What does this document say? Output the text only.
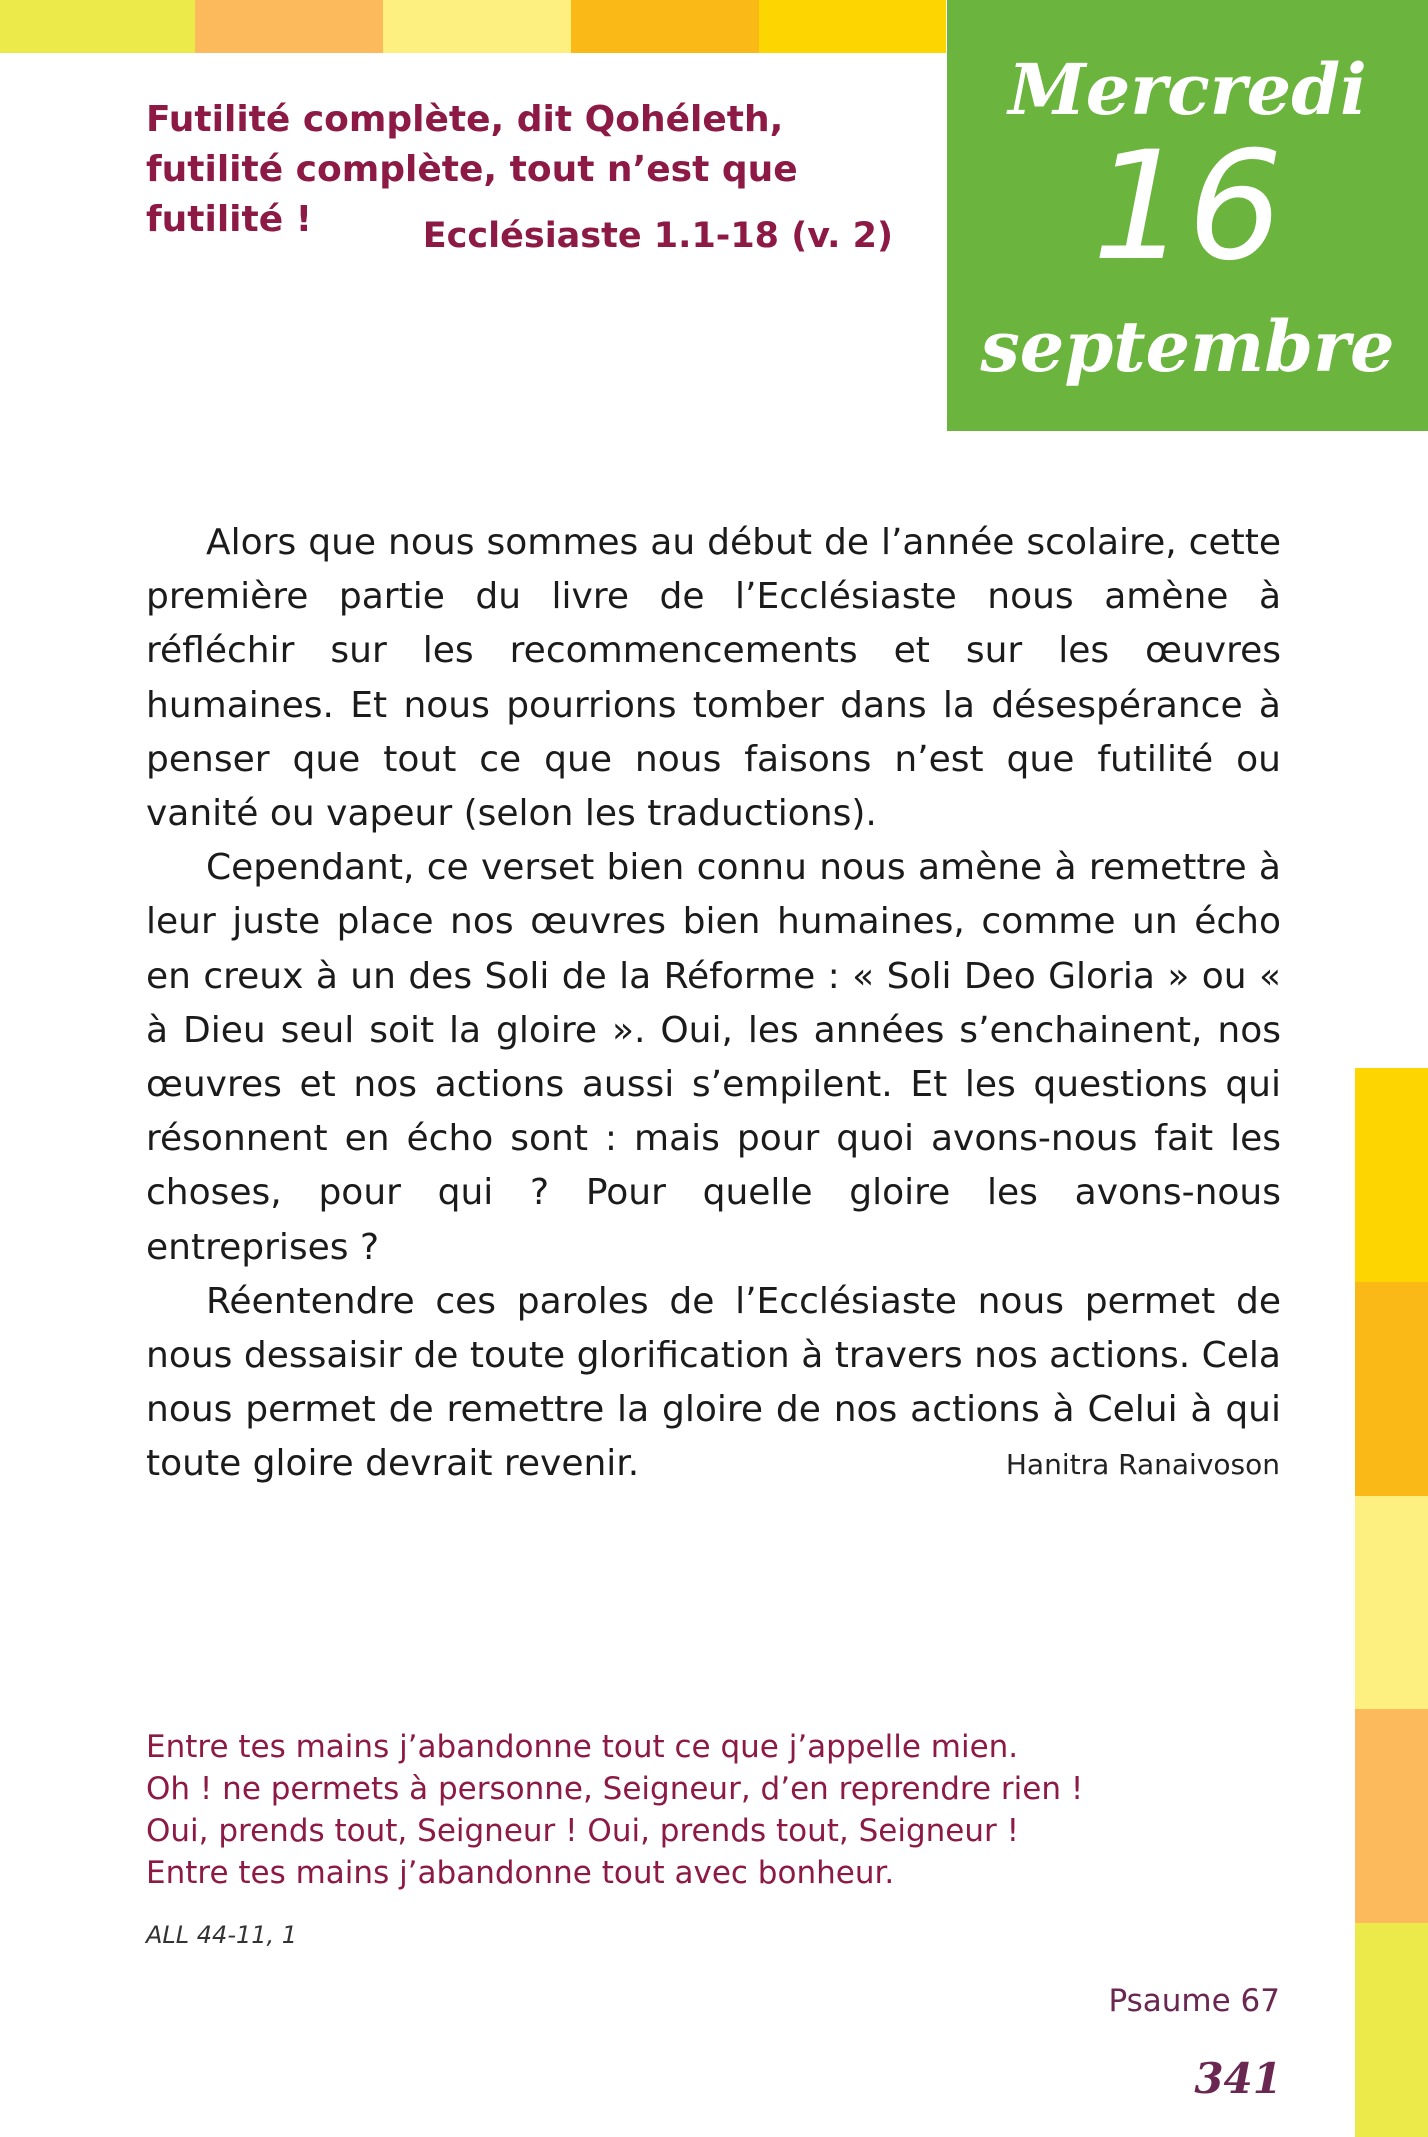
Mercredi
16
septembre
Futilité complète, dit Qohéleth,
futilité complète, tout n’est que futilité !	Ecclésiaste 1.1-18 (v. 2)

Alors que nous sommes au début de l’année scolaire, cette première partie du livre de l’Ecclésiaste nous amène à réfléchir sur les recommencements et sur les œuvres humaines. Et nous pourrions tomber dans la désespérance à penser que tout ce que nous faisons n’est que futilité ou vanité ou vapeur (selon les traductions).

Cependant, ce verset bien connu nous amène à remettre à leur juste place nos œuvres bien humaines, comme un écho en creux à un des Soli de la Réforme : « Soli Deo Gloria » ou « à Dieu seul soit la gloire ». Oui, les années s’enchainent, nos œuvres et nos actions aussi s’empilent. Et les questions qui résonnent en écho sont : mais pour quoi avons-nous fait les choses, pour qui ? Pour quelle gloire les avons-nous entreprises ?

Réentendre ces paroles de l’Ecclésiaste nous permet de nous dessaisir de toute glorification à travers nos actions. Cela nous permet de remettre la gloire de nos actions à Celui à qui toute gloire devrait revenir.	Hanitra Ranaivoson
Entre tes mains j’abandonne tout ce que j’appelle mien.
Oh ! ne permets à personne, Seigneur, d’en reprendre rien !
Oui, prends tout, Seigneur ! Oui, prends tout, Seigneur !
Entre tes mains j’abandonne tout avec bonheur.
ALL 44-11, 1
Psaume 67
341
